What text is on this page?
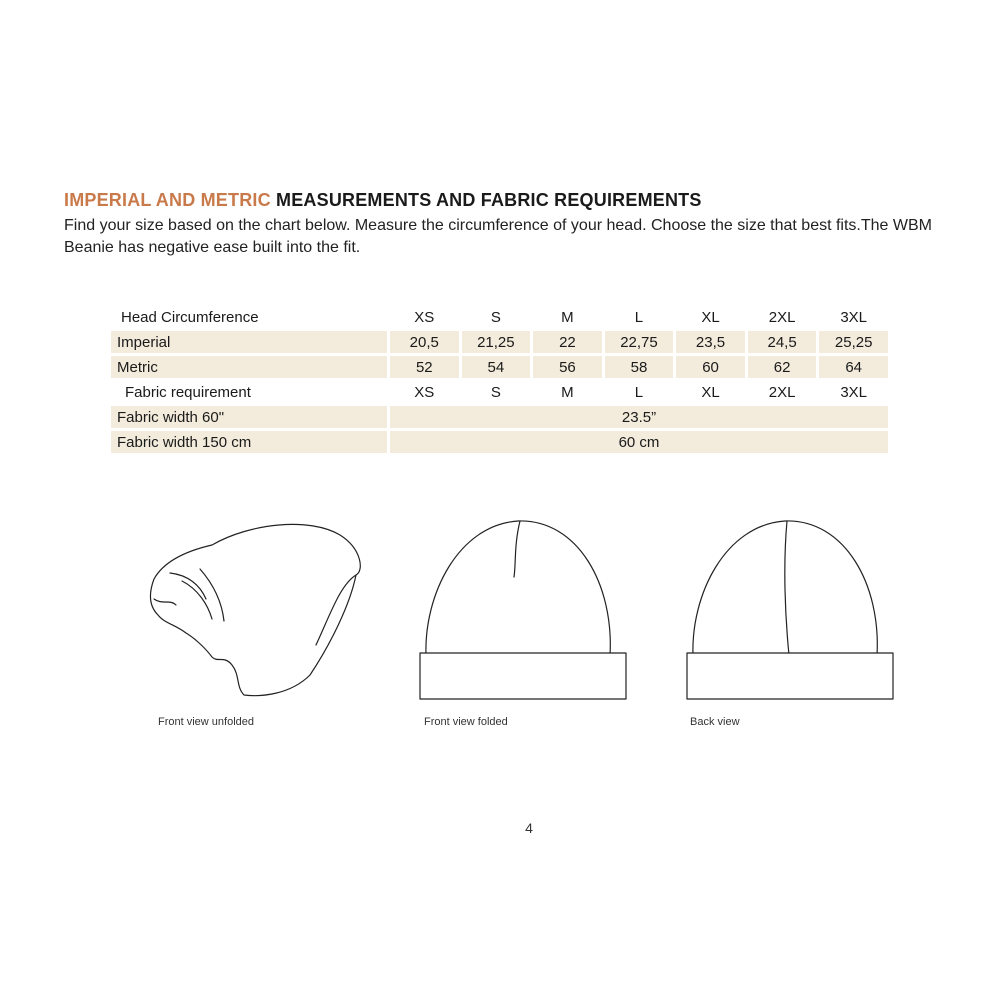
IMPERIAL AND METRIC MEASUREMENTS AND FABRIC REQUIREMENTS

Find your size based on the chart below. Measure the circumference of your head. Choose the size that best fits.The WBM Beanie has negative ease built into the fit.

Head Circumference	XS	S	M	L	XL	2XL	3XL
Imperial	20,5	21,25	22	22,75	23,5	24,5	25,25
Metric	52	54	56	58	60	62	64
Fabric requirement	XS	S	M	L	XL	2XL	3XL
Fabric width 60"	23.5”						
Fabric width 150 cm	60 cm						
Front view unfolded	Front view folded	Back view
4
